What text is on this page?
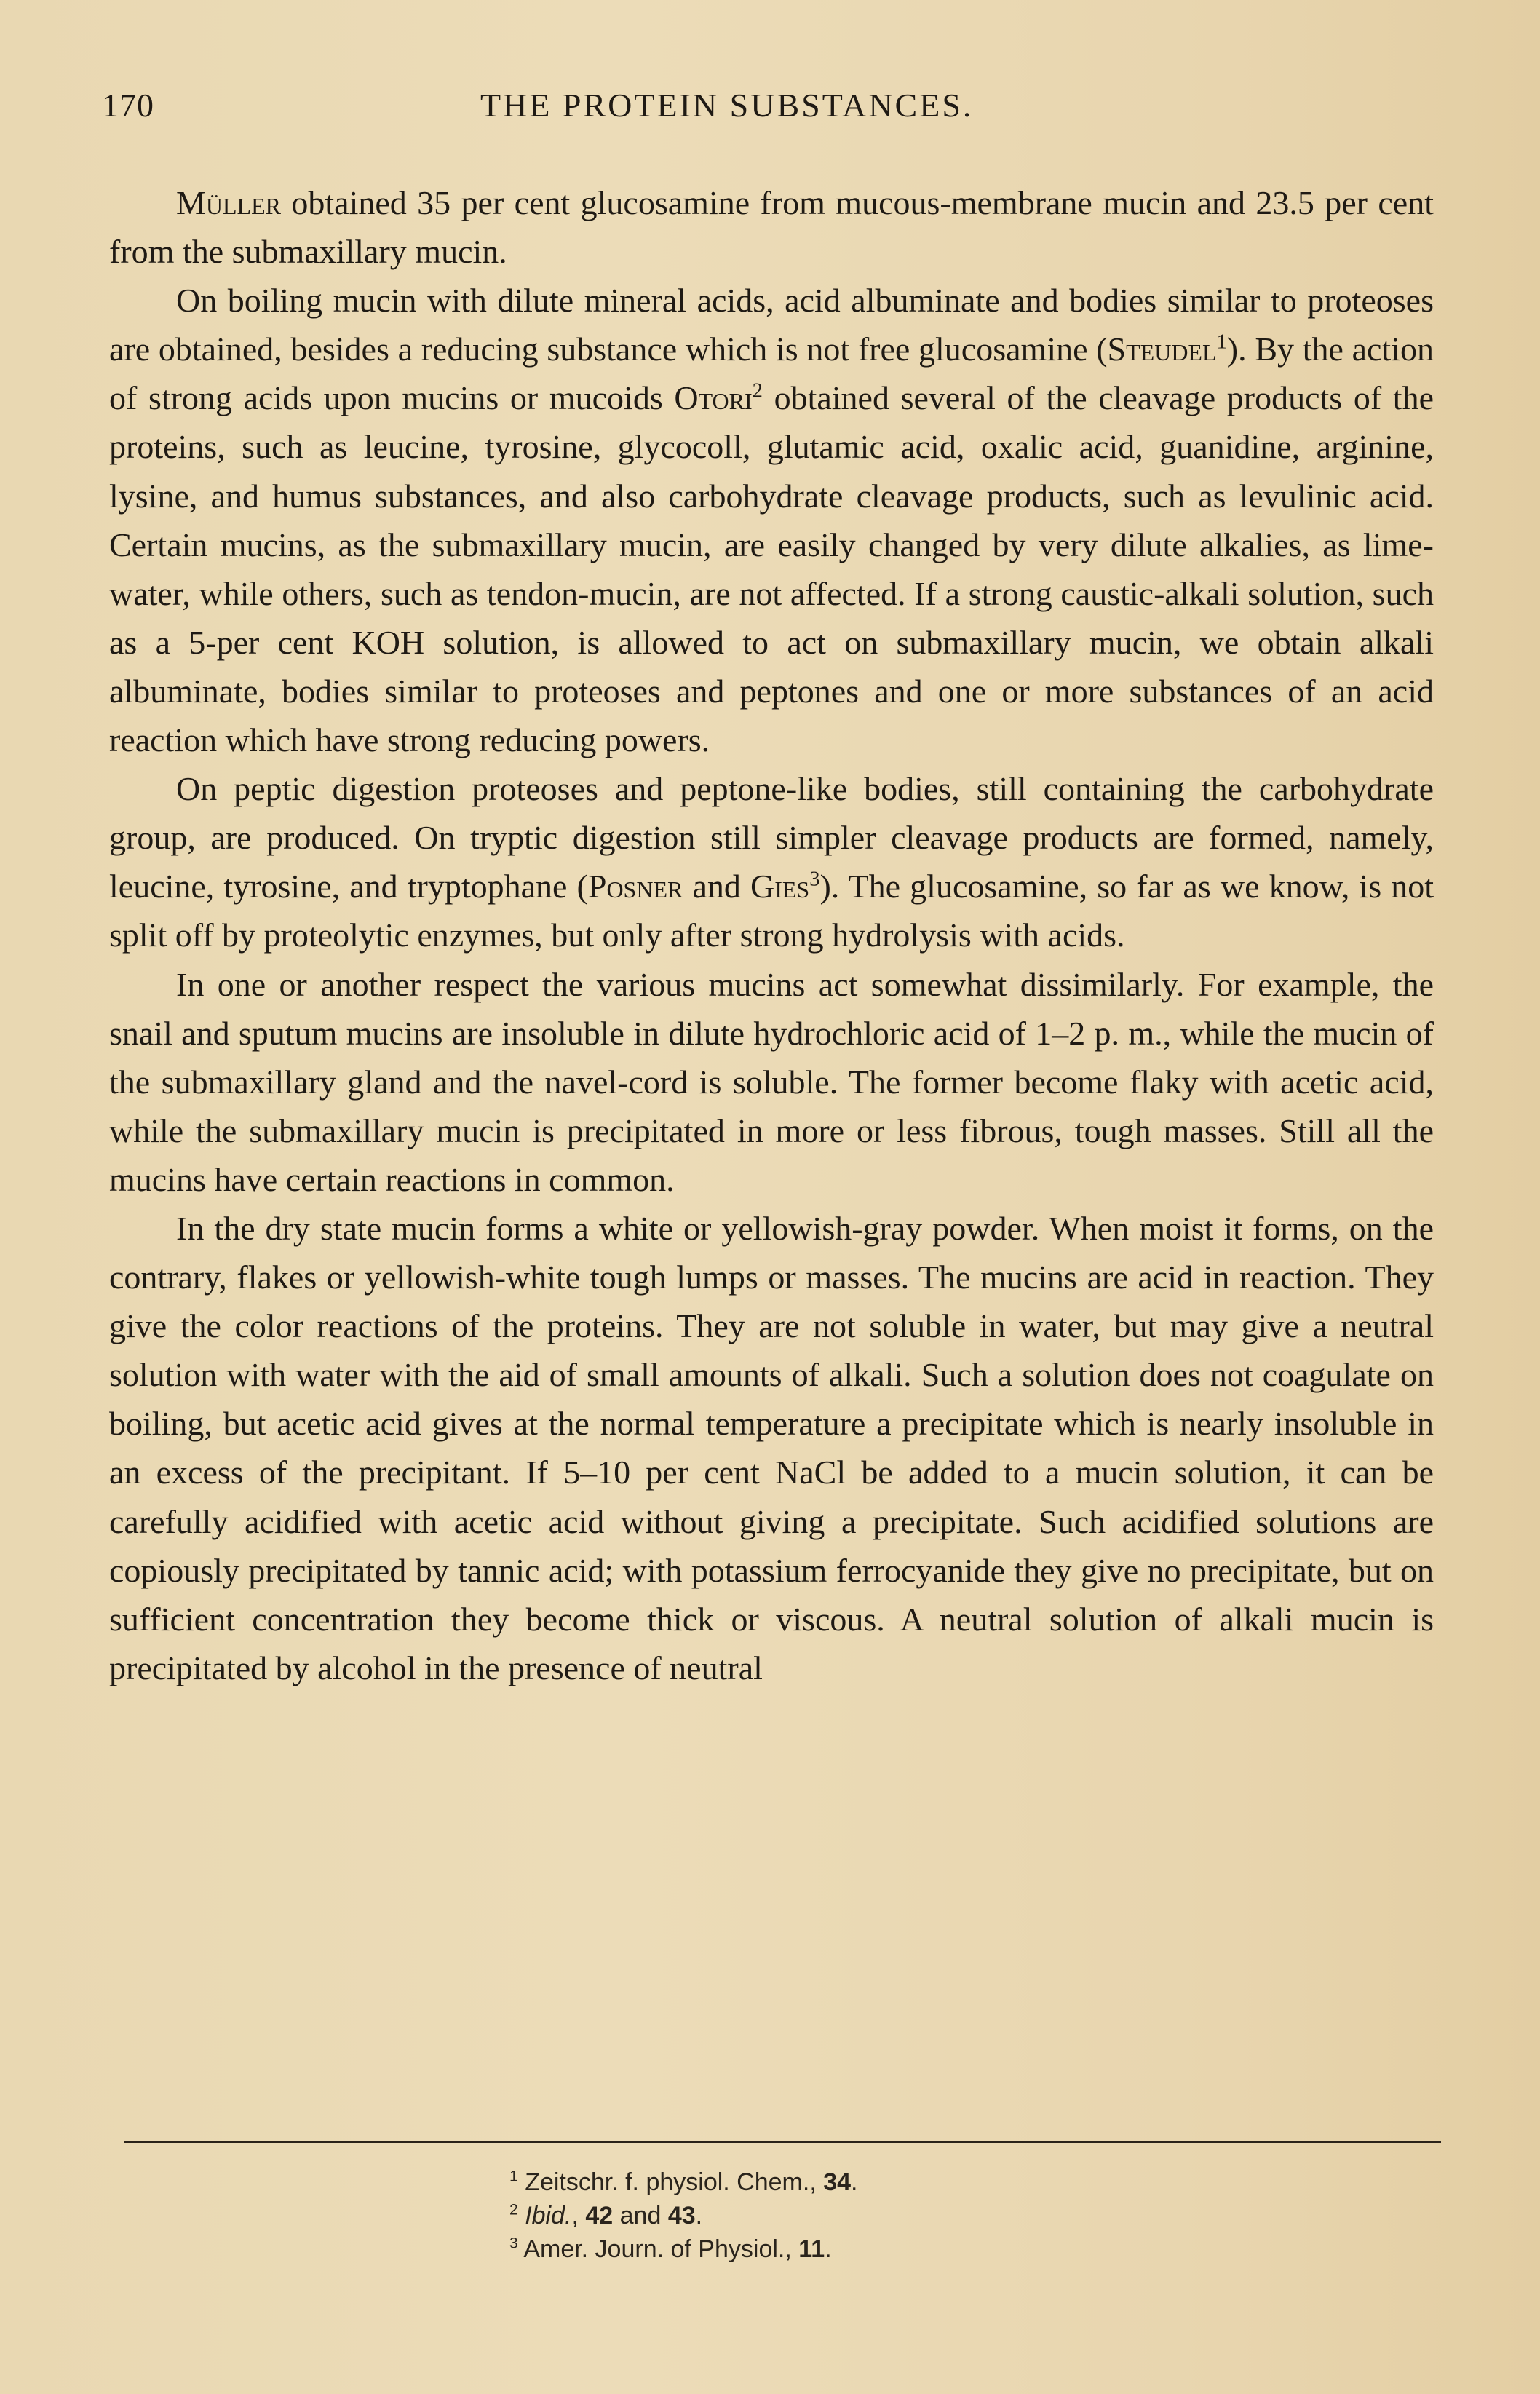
170	THE PROTEIN SUBSTANCES.

Müller obtained 35 per cent glucosamine from mucous-membrane mucin and 23.5 per cent from the submaxillary mucin.

On boiling mucin with dilute mineral acids, acid albuminate and bodies similar to proteoses are obtained, besides a reducing substance which is not free glucosamine (Steudel$^1$). By the action of strong acids upon mucins or mucoids Otori$^2$ obtained several of the cleavage products of the proteins, such as leucine, tyrosine, glycocoll, glutamic acid, oxalic acid, guanidine, arginine, lysine, and humus substances, and also carbohydrate cleavage products, such as levulinic acid. Certain mucins, as the submaxillary mucin, are easily changed by very dilute alkalies, as lime-water, while others, such as tendon-mucin, are not affected. If a strong caustic-alkali solution, such as a 5-per cent KOH solution, is allowed to act on submaxillary mucin, we obtain alkali albuminate, bodies similar to proteoses and peptones and one or more substances of an acid reaction which have strong reducing powers.

On peptic digestion proteoses and peptone-like bodies, still containing the carbohydrate group, are produced. On tryptic digestion still simpler cleavage products are formed, namely, leucine, tyrosine, and tryptophane (Posner and Gies$^3$). The glucosamine, so far as we know, is not split off by proteolytic enzymes, but only after strong hydrolysis with acids.

In one or another respect the various mucins act somewhat dissimilarly. For example, the snail and sputum mucins are insoluble in dilute hydrochloric acid of 1–2 p. m., while the mucin of the submaxillary gland and the navel-cord is soluble. The former become flaky with acetic acid, while the submaxillary mucin is precipitated in more or less fibrous, tough masses. Still all the mucins have certain reactions in common.

In the dry state mucin forms a white or yellowish-gray powder. When moist it forms, on the contrary, flakes or yellowish-white tough lumps or masses. The mucins are acid in reaction. They give the color reactions of the proteins. They are not soluble in water, but may give a neutral solution with water with the aid of small amounts of alkali. Such a solution does not coagulate on boiling, but acetic acid gives at the normal temperature a precipitate which is nearly insoluble in an excess of the precipitant. If 5–10 per cent NaCl be added to a mucin solution, it can be carefully acidified with acetic acid without giving a precipitate. Such acidified solutions are copiously precipitated by tannic acid; with potassium ferrocyanide they give no precipitate, but on sufficient concentration they become thick or viscous. A neutral solution of alkali mucin is precipitated by alcohol in the presence of neutral

$^1$ Zeitschr. f. physiol. Chem., 34.

$^2$ Ibid., 42 and 43.

$^3$ Amer. Journ. of Physiol., 11.
